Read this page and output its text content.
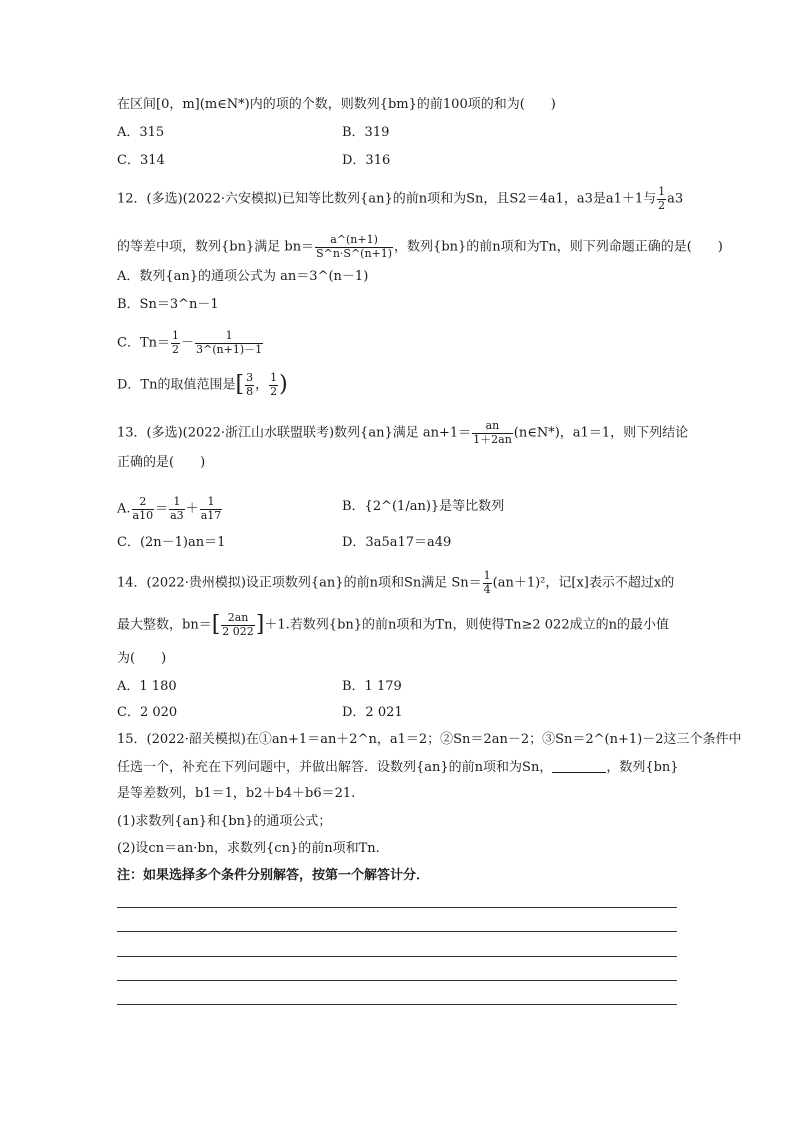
在区间[0，m](m∈N*)内的项的个数，则数列{bm}的前100项的和为(　　)
A．315	B．319
C．314	D．316
12．(多选)(2022·六安模拟)已知等比数列{an}的前n项和为Sn，且S2＝4a1，a3是a1＋1与 $\frac{1}{2} a3$
的等差中项，数列{bn}满足 $bn= \frac{a\^{}(n+1)}{S\^{}n\cdot S\^{}(n+1)}$ ，数列{bn}的前n项和为Tn，则下列命题正确的是(　　)
A．数列{an}的通项公式为 an＝3^(n－1)
B．Sn＝3^n－1
C．$Tn= \frac{1}{2} - \frac{1}{3\^{}(n+1)-1}$
D．Tn的取值范围是[ $\frac{3}{8}$ ， $\frac{1}{2}$ )
13．(多选)(2022·浙江山水联盟联考)数列{an}满足 $an+1= \frac{an}{1+2an}$ (n∈N*)，a1＝1，则下列结论
正确的是(　　)
A. $\frac{2}{a10} = \frac{1}{a3} + \frac{1}{a17}$	B．{2^(1/an)}是等比数列
C．(2n－1)an＝1	D．3a5a17＝a49
14．(2022·贵州模拟)设正项数列{an}的前n项和Sn满足 $Sn= \frac{1}{4} (an+1)^2$，记[x]表示不超过x的
最大整数，$bn=[ \frac{2an}{2 022} ]+1$.若数列{bn}的前n项和为Tn，则使得Tn≥2 022成立的n的最小值
为(　　)
A．1 180	B．1 179
C．2 020	D．2 021
15．(2022·韶关模拟)在①an+1＝an＋2^n，a1＝2；②Sn＝2an－2；③Sn＝2^(n+1)－2这三个条件中
任选一个，补充在下列问题中，并做出解答．设数列{an}的前n项和为Sn，	，数列{bn}
是等差数列，b1＝1，b2＋b4＋b6＝21.
(1)求数列{an}和{bn}的通项公式；
(2)设cn＝an·bn，求数列{cn}的前n项和Tn.
注：如果选择多个条件分别解答，按第一个解答计分．
